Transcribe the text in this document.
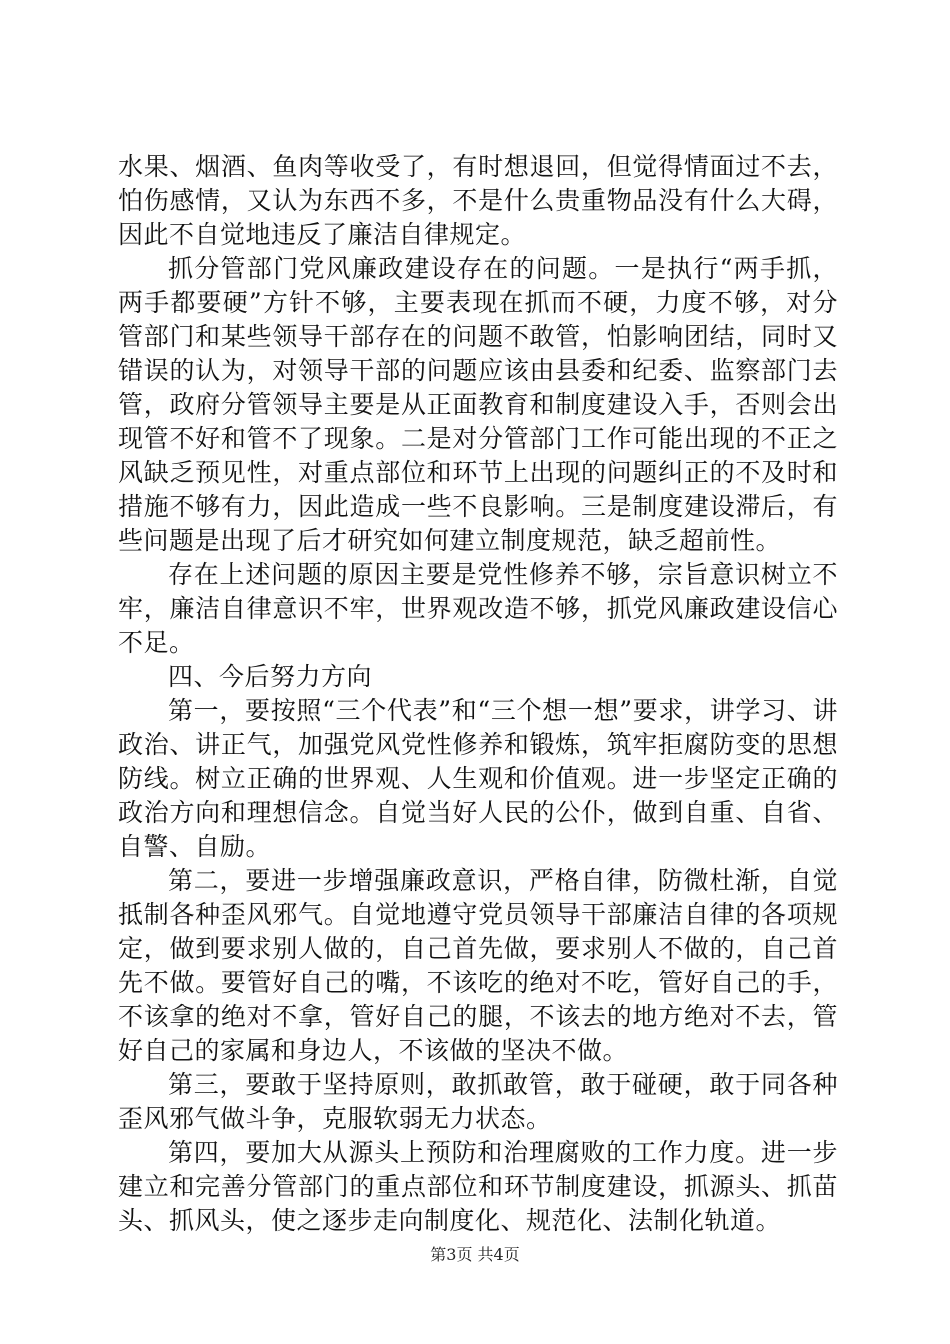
水果、烟酒、鱼肉等收受了，有时想退回，但觉得情面过不去，怕伤感情，又认为东西不多，不是什么贵重物品没有什么大碍，因此不自觉地违反了廉洁自律规定。

抓分管部门党风廉政建设存在的问题。一是执行“两手抓，两手都要硬”方针不够，主要表现在抓而不硬，力度不够，对分管部门和某些领导干部存在的问题不敢管，怕影响团结，同时又错误的认为，对领导干部的问题应该由县委和纪委、监察部门去管，政府分管领导主要是从正面教育和制度建设入手，否则会出现管不好和管不了现象。二是对分管部门工作可能出现的不正之风缺乏预见性，对重点部位和环节上出现的问题纠正的不及时和措施不够有力，因此造成一些不良影响。三是制度建设滞后，有些问题是出现了后才研究如何建立制度规范，缺乏超前性。

存在上述问题的原因主要是党性修养不够，宗旨意识树立不牢，廉洁自律意识不牢，世界观改造不够，抓党风廉政建设信心不足。

四、今后努力方向

第一，要按照“三个代表”和“三个想一想”要求，讲学习、讲政治、讲正气，加强党风党性修养和锻炼，筑牢拒腐防变的思想防线。树立正确的世界观、人生观和价值观。进一步坚定正确的政治方向和理想信念。自觉当好人民的公仆，做到自重、自省、自警、自励。

第二，要进一步增强廉政意识，严格自律，防微杜渐，自觉抵制各种歪风邪气。自觉地遵守党员领导干部廉洁自律的各项规定，做到要求别人做的，自己首先做，要求别人不做的，自己首先不做。要管好自己的嘴，不该吃的绝对不吃，管好自己的手，不该拿的绝对不拿，管好自己的腿，不该去的地方绝对不去，管好自己的家属和身边人，不该做的坚决不做。

第三，要敢于坚持原则，敢抓敢管，敢于碰硬，敢于同各种歪风邪气做斗争，克服软弱无力状态。

第四，要加大从源头上预防和治理腐败的工作力度。进一步建立和完善分管部门的重点部位和环节制度建设，抓源头、抓苗头、抓风头，使之逐步走向制度化、规范化、法制化轨道。

第3页 共4页
